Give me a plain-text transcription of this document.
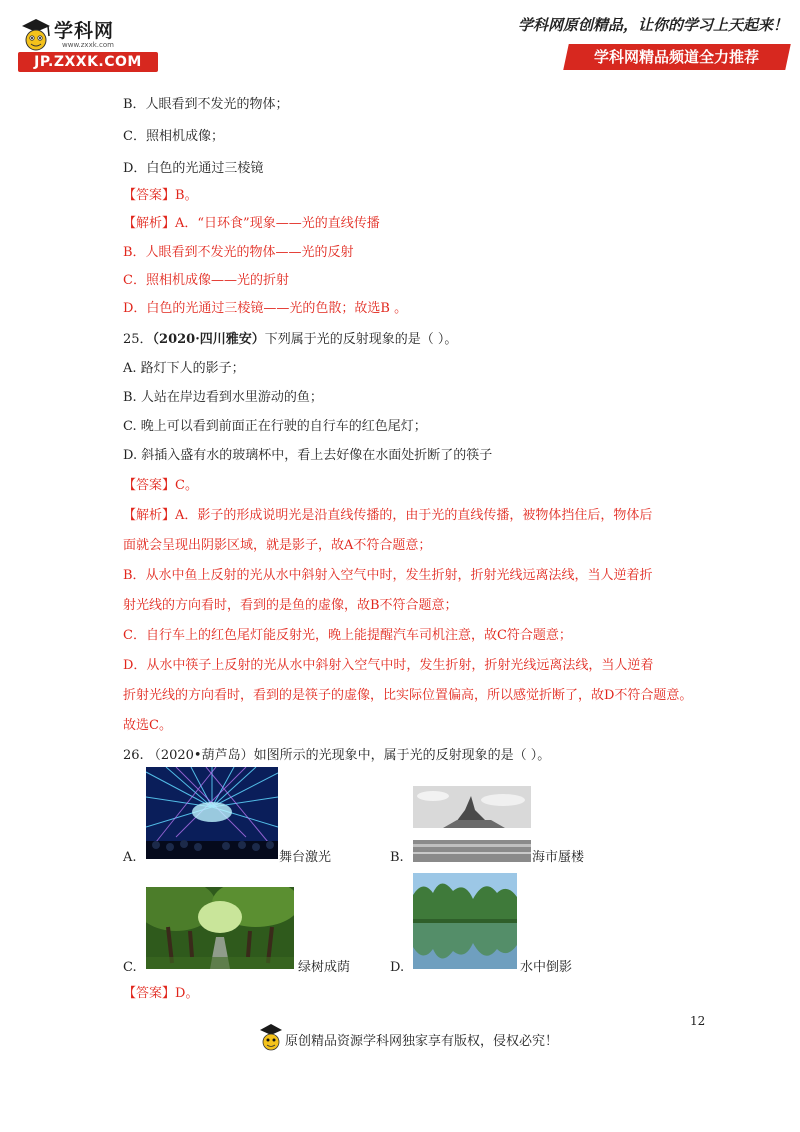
学科网
www.zxxk.com
JP.ZXXK.COM
学科网原创精品，让你的学习上天起来！
学科网精品频道全力推荐
B．人眼看到不发光的物体；
C．照相机成像；
D．白色的光通过三棱镜
【答案】B。
【解析】A．“日环食”现象——光的直线传播
B．人眼看到不发光的物体——光的反射
C．照相机成像——光的折射
D．白色的光通过三棱镜——光的色散；故选B 。
25．（2020·四川雅安）下列属于光的反射现象的是（ ）。
A. 路灯下人的影子；
B. 人站在岸边看到水里游动的鱼；
C. 晚上可以看到前面正在行驶的自行车的红色尾灯；
D. 斜插入盛有水的玻璃杯中，看上去好像在水面处折断了的筷子
【答案】C。
【解析】A．影子的形成说明光是沿直线传播的，由于光的直线传播，被物体挡住后，物体后
面就会呈现出阴影区域，就是影子，故A不符合题意；
B．从水中鱼上反射的光从水中斜射入空气中时，发生折射，折射光线远离法线，当人逆着折
射光线的方向看时，看到的是鱼的虚像，故B不符合题意；
C．自行车上的红色尾灯能反射光，晚上能提醒汽车司机注意，故C符合题意；
D．从水中筷子上反射的光从水中斜射入空气中时，发生折射，折射光线远离法线，当人逆着
折射光线的方向看时，看到的是筷子的虚像，比实际位置偏高，所以感觉折断了，故D不符合题意。
故选C。
26. （2020•葫芦岛）如图所示的光现象中，属于光的反射现象的是（ ）。
A.	舞台激光	B.	海市蜃楼
C.	绿树成荫	D.	水中倒影
【答案】D。
12
原创精品资源学科网独家享有版权，侵权必究！
